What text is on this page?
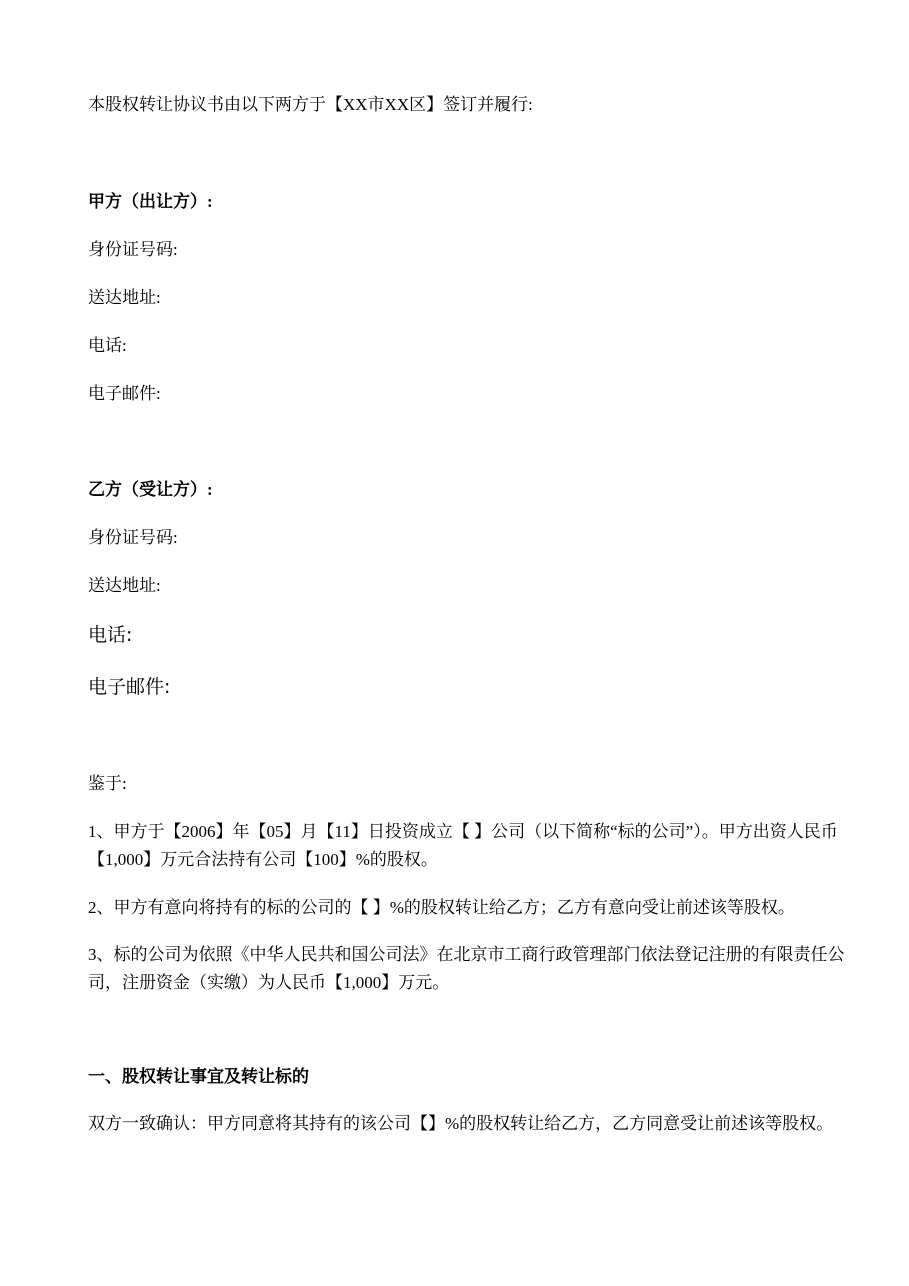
本股权转让协议书由以下两方于【XX市XX区】签订并履行:
甲方（出让方）:
身份证号码:
送达地址:
电话:
电子邮件:
乙方（受让方）:
身份证号码:
送达地址:
电话:
电子邮件:
鉴于:
1、甲方于【2006】年【05】月【11】日投资成立【 】公司（以下简称“标的公司”）。甲方出资人民币【1,000】万元合法持有公司【100】%的股权。
2、甲方有意向将持有的标的公司的【 】%的股权转让给乙方；乙方有意向受让前述该等股权。
3、标的公司为依照《中华人民共和国公司法》在北京市工商行政管理部门依法登记注册的有限责任公司，注册资金（实缴）为人民币【1,000】万元。
一、股权转让事宜及转让标的
双方一致确认：甲方同意将其持有的该公司【】%的股权转让给乙方，乙方同意受让前述该等股权。
